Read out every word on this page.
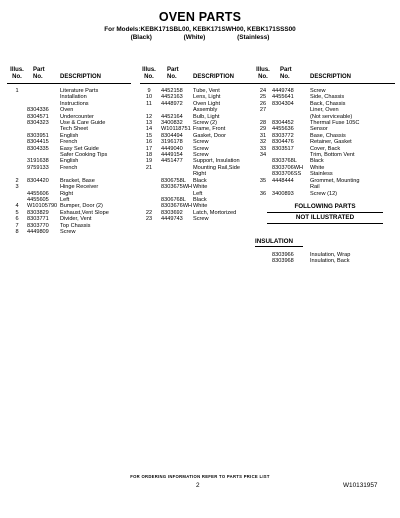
OVEN PARTS
For Models:KEBK171SBL00, KEBK171SWH00, KEBK171SSS00
(Black)	(White)	(Stainless)
Illus.
No.
Part
No.	DESCRIPTION
1	Literature Parts
Installation
Instructions
8304336 Oven
8304571 Undercounter
8304323 Use & Care Guide
Tech Sheet
8303951 English
8304415 French
8304335 Easy Set Guide
Safer Cooking Tips
3191638 English
9759133 French

2	8304420 Bracket, Base
3	Hinge Receiver
4455606 Right
4455605 Left
4	W10105790 Bumper, Door (2)
5	8303829 Exhaust,Vent Slope
6	8303771 Divider, Vent
7	8303770 Top Chassis
8	4449809 Screw
Illus.
No.
Part
No.	DESCRIPTION
9	4452158 Tube, Vent
10	4452163 Lens, Light
11	4448972 Oven Light
Assembly
12	4452164 Bulb, Light
13	3400832 Screw (2)
14	W10118751 Frame, Front
15	8304494 Gasket, Door
16	3196178 Screw
17	4449040 Screw
18	4449154 Screw
19	4451477 Support, Insulation
21	Mounting Rail,Side
Right
8306758L Black
8303675WH White
Left
8306768L Black
8303676WH White
22	8303692 Latch, Mortorized
23	4449743 Screw
Illus.
No.
Part
No.	DESCRIPTION
24	4449748	Screw
25	4455641	Side, Chassis
26	8304304	Back, Chassis
27	Liner, Oven
(Not serviceable)
28	8304452	Thermal Fuse 105C
29	4455636	Sensor
31	8303772	Base, Chassis
32	8304476	Retainer, Gasket
33	8303517	Cover, Back
34	Trim, Bottom Vent
8303768L Black
8303706WH White
8303706SS Stainless
35	4448444	Grommet, Mounting
Rail
36	3400893	Screw (12)
FOLLOWING PARTS
NOT ILLUSTRATED
INSULATION
8303966	Insulation, Wrap
8303968	Insulation, Back
FOR ORDERING INFORMATION REFER TO PARTS PRICE LIST
2	W10131957
